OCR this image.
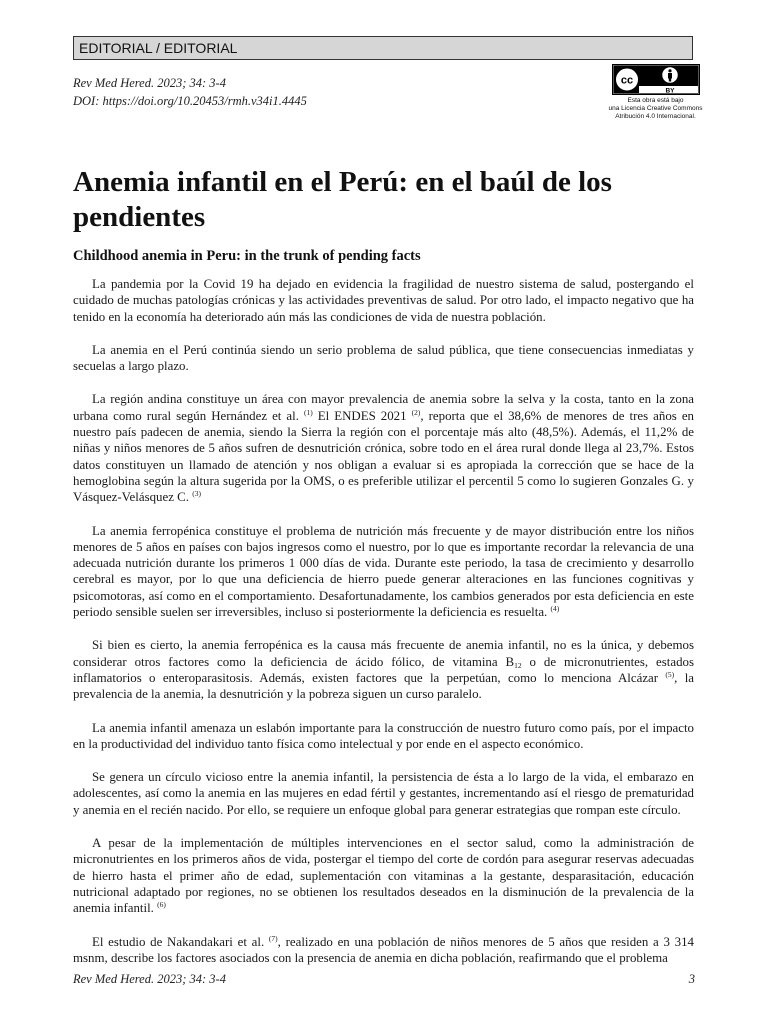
EDITORIAL / EDITORIAL
Rev Med Hered. 2023; 34: 3-4
DOI: https://doi.org/10.20453/rmh.v34i1.4445
cc
BY
Esta obra está bajo
una Licencia Creative Commons
Atribución 4.0 Internacional.
Anemia infantil en el Perú: en el baúl de los pendientes
Childhood anemia in Peru: in the trunk of pending facts

La pandemia por la Covid 19 ha dejado en evidencia la fragilidad de nuestro sistema de salud, postergando el cuidado de muchas patologías crónicas y las actividades preventivas de salud. Por otro lado, el impacto negativo que ha tenido en la economía ha deteriorado aún más las condiciones de vida de nuestra población.

La anemia en el Perú continúa siendo un serio problema de salud pública, que tiene consecuencias inmediatas y secuelas a largo plazo.

La región andina constituye un área con mayor prevalencia de anemia sobre la selva y la costa, tanto en la zona urbana como rural según Hernández et al. $^{(1)}$ El ENDES 2021 $^{(2)}$, reporta que el 38,6% de menores de tres años en nuestro país padecen de anemia, siendo la Sierra la región con el porcentaje más alto (48,5%). Además, el 11,2% de niñas y niños menores de 5 años sufren de desnutrición crónica, sobre todo en el área rural donde llega al 23,7%. Estos datos constituyen un llamado de atención y nos obligan a evaluar si es apropiada la corrección que se hace de la hemoglobina según la altura sugerida por la OMS, o es preferible utilizar el percentil 5 como lo sugieren Gonzales G. y Vásquez-Velásquez C. $^{(3)}$

La anemia ferropénica constituye el problema de nutrición más frecuente y de mayor distribución entre los niños menores de 5 años en países con bajos ingresos como el nuestro, por lo que es importante recordar la relevancia de una adecuada nutrición durante los primeros 1 000 días de vida. Durante este periodo, la tasa de crecimiento y desarrollo cerebral es mayor, por lo que una deficiencia de hierro puede generar alteraciones en las funciones cognitivas y psicomotoras, así como en el comportamiento. Desafortunadamente, los cambios generados por esta deficiencia en este periodo sensible suelen ser irreversibles, incluso si posteriormente la deficiencia es resuelta. $^{(4)}$

Si bien es cierto, la anemia ferropénica es la causa más frecuente de anemia infantil, no es la única, y debemos considerar otros factores como la deficiencia de ácido fólico, de vitamina $B_{12}$ o de micronutrientes, estados inflamatorios o enteroparasitosis. Además, existen factores que la perpetúan, como lo menciona Alcázar $^{(5)}$, la prevalencia de la anemia, la desnutrición y la pobreza siguen un curso paralelo.

La anemia infantil amenaza un eslabón importante para la construcción de nuestro futuro como país, por el impacto en la productividad del individuo tanto física como intelectual y por ende en el aspecto económico.

Se genera un círculo vicioso entre la anemia infantil, la persistencia de ésta a lo largo de la vida, el embarazo en adolescentes, así como la anemia en las mujeres en edad fértil y gestantes, incrementando así el riesgo de prematuridad y anemia en el recién nacido. Por ello, se requiere un enfoque global para generar estrategias que rompan este círculo.

A pesar de la implementación de múltiples intervenciones en el sector salud, como la administración de micronutrientes en los primeros años de vida, postergar el tiempo del corte de cordón para asegurar reservas adecuadas de hierro hasta el primer año de edad, suplementación con vitaminas a la gestante, desparasitación, educación nutricional adaptado por regiones, no se obtienen los resultados deseados en la disminución de la prevalencia de la anemia infantil. $^{(6)}$

El estudio de Nakandakari et al. $^{(7)}$, realizado en una población de niños menores de 5 años que residen a 3 314 msnm, describe los factores asociados con la presencia de anemia en dicha población, reafirmando que el problema

Rev Med Hered. 2023; 34: 3-4	3
